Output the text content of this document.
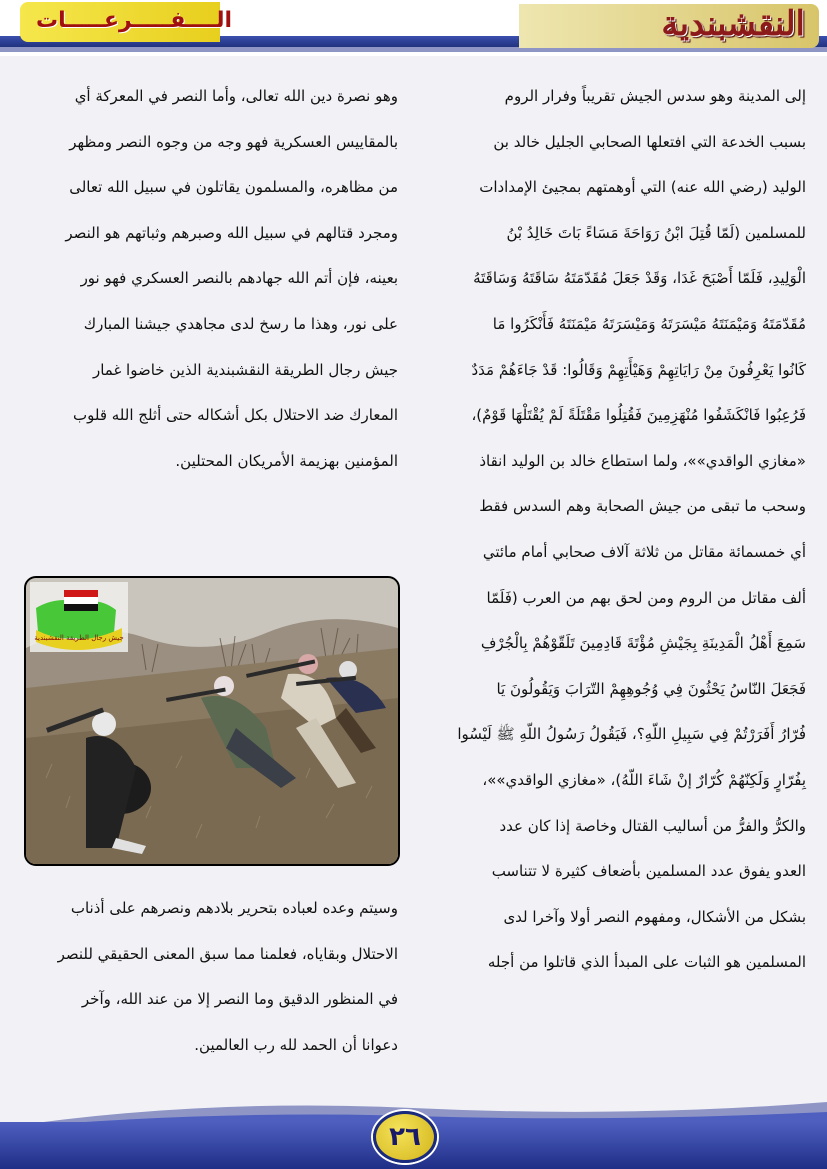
النقشبندية
الــــفـــــرعـــــات

إلى المدينة وهو سدس الجيش تقريباً وفرار الروم

بسبب الخدعة التي افتعلها الصحابي الجليل خالد بن

الوليد (رضي الله عنه) التي أوهمتهم بمجيئ الإمدادات

للمسلمين (لَمّا قُتِلَ ابْنُ رَوَاحَةَ مَسَاءً بَاتَ خَالِدُ بْنُ

الْوَلِيدِ، فَلَمّا أَصْبَحَ غَدَا، وَقَدْ جَعَلَ مُقَدّمَتَهُ سَاقَتَهُ وَسَاقَتَهُ

مُقَدّمَتَهُ وَمَيْمَنَتَهُ مَيْسَرَتَهُ وَمَيْسَرَتَهُ مَيْمَنَتَهُ فَأَنْكَرُوا مَا

كَانُوا يَعْرِفُونَ مِنْ رَايَاتِهِمْ وَهَيْأَتِهِمْ وَقَالُوا: قَدْ جَاءَهُمْ مَدَدٌ

فَرُعِبُوا فَانْكَشَفُوا مُنْهَزِمِينَ فَقُتِلُوا مَقْتَلَةً لَمْ يُقْتَلْهَا قَوْمٌ)،

«مغازي الواقدي»»، ولما استطاع خالد بن الوليد انقاذ

وسحب ما تبقى من جيش الصحابة وهم السدس فقط

أي خمسمائة مقاتل من ثلاثة آلاف صحابي أمام مائتي

ألف مقاتل من الروم ومن لحق بهم من العرب (فَلَمّا

سَمِعَ أَهْلُ الْمَدِينَةِ بِجَيْشِ مُؤْتَةَ قَادِمِينَ تَلَقّوْهُمْ بِالْجُرْفِ

فَجَعَلَ النّاسُ يَحْثُونَ فِي وُجُوهِهِمْ التّرَابَ وَيَقُولُونَ يَا

فُرّارُ أَفَرَرْتُمْ فِي سَبِيلِ اللّهِ؟، فَيَقُولُ رَسُولُ اللّهِ ﷺ لَيْسُوا

بِفُرّارٍ وَلَكِنّهُمْ كُرّارٌ إنْ شَاءَ اللّهُ)، «مغازي الواقدي»»،

والكرُّ والفرُّ من أساليب القتال وخاصة إذا كان عدد

العدو يفوق عدد المسلمين بأضعاف كثيرة لا تتناسب

بشكل من الأشكال، ومفهوم النصر أولا وآخرا لدى

المسلمين هو الثبات على المبدأ الذي قاتلوا من أجله

وهو نصرة دين الله تعالى، وأما النصر في المعركة أي

بالمقاييس العسكرية فهو وجه من وجوه النصر ومظهر

من مظاهره، والمسلمون يقاتلون في سبيل الله تعالى

ومجرد قتالهم في سبيل الله وصبرهم وثباتهم هو النصر

بعينه، فإن أتم الله جهادهم بالنصر العسكري فهو نور

على نور، وهذا ما رسخ لدى مجاهدي جيشنا المبارك

جيش رجال الطريقة النقشبندية الذين خاضوا غمار

المعارك ضد الاحتلال بكل أشكاله حتى أثلج الله قلوب

المؤمنين بهزيمة الأمريكان المحتلين.

جيش رجال الطريقة النقشبندية

وسيتم وعده لعباده بتحرير بلادهم ونصرهم على أذناب

الاحتلال وبقاياه، فعلمنا مما سبق المعنى الحقيقي للنصر

في المنظور الدقيق وما النصر إلا من عند الله، وآخر

دعوانا أن الحمد لله رب العالمين.

٢٦
